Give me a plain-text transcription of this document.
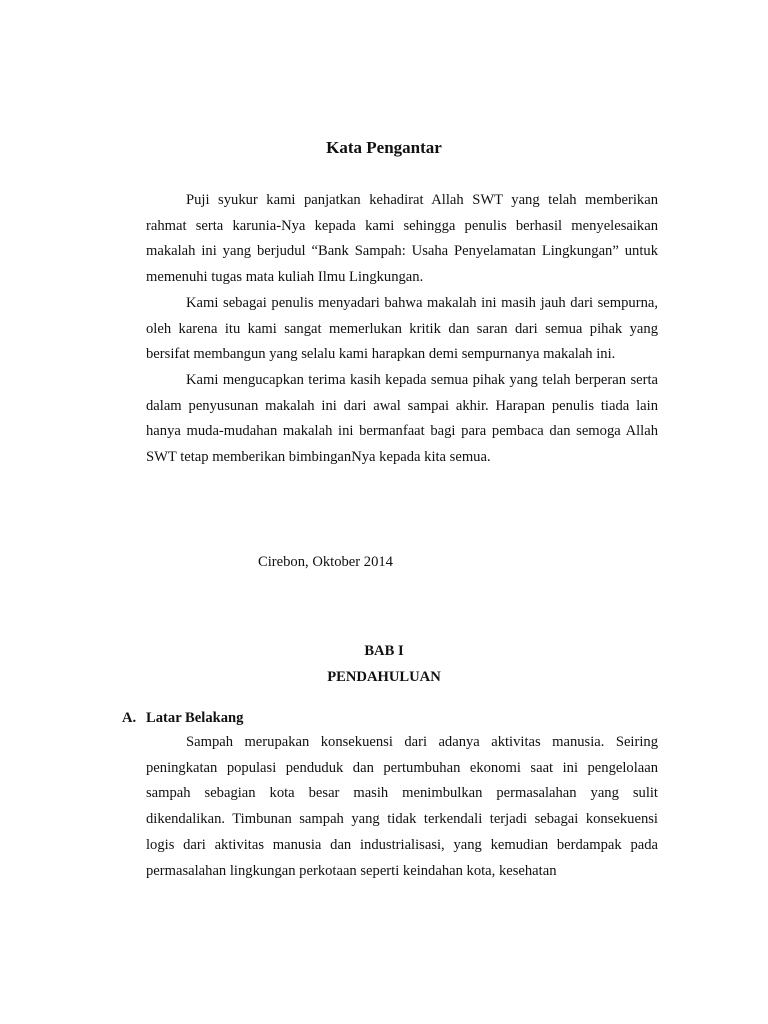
Kata Pengantar

Puji syukur kami panjatkan kehadirat Allah SWT yang telah memberikan rahmat serta karunia-Nya kepada kami sehingga penulis berhasil menyelesaikan makalah ini yang berjudul “Bank Sampah: Usaha Penyelamatan Lingkungan” untuk memenuhi tugas mata kuliah Ilmu Lingkungan.

Kami sebagai penulis menyadari bahwa makalah ini masih jauh dari sempurna, oleh karena itu kami sangat memerlukan kritik dan saran dari semua pihak yang bersifat membangun yang selalu kami harapkan demi sempurnanya makalah ini.

Kami mengucapkan terima kasih kepada semua pihak yang telah berperan serta dalam penyusunan makalah ini dari awal sampai akhir. Harapan penulis tiada lain hanya muda-mudahan makalah ini bermanfaat bagi para pembaca dan semoga Allah SWT tetap memberikan bimbinganNya kepada kita semua.

Cirebon, Oktober 2014
BAB I
PENDAHULUAN
A. Latar Belakang

Sampah merupakan konsekuensi dari adanya aktivitas manusia. Seiring peningkatan populasi penduduk dan pertumbuhan ekonomi saat ini pengelolaan sampah sebagian kota besar masih menimbulkan permasalahan yang sulit dikendalikan. Timbunan sampah yang tidak terkendali terjadi sebagai konsekuensi logis dari aktivitas manusia dan industrialisasi, yang kemudian berdampak pada permasalahan lingkungan perkotaan seperti keindahan kota, kesehatan
